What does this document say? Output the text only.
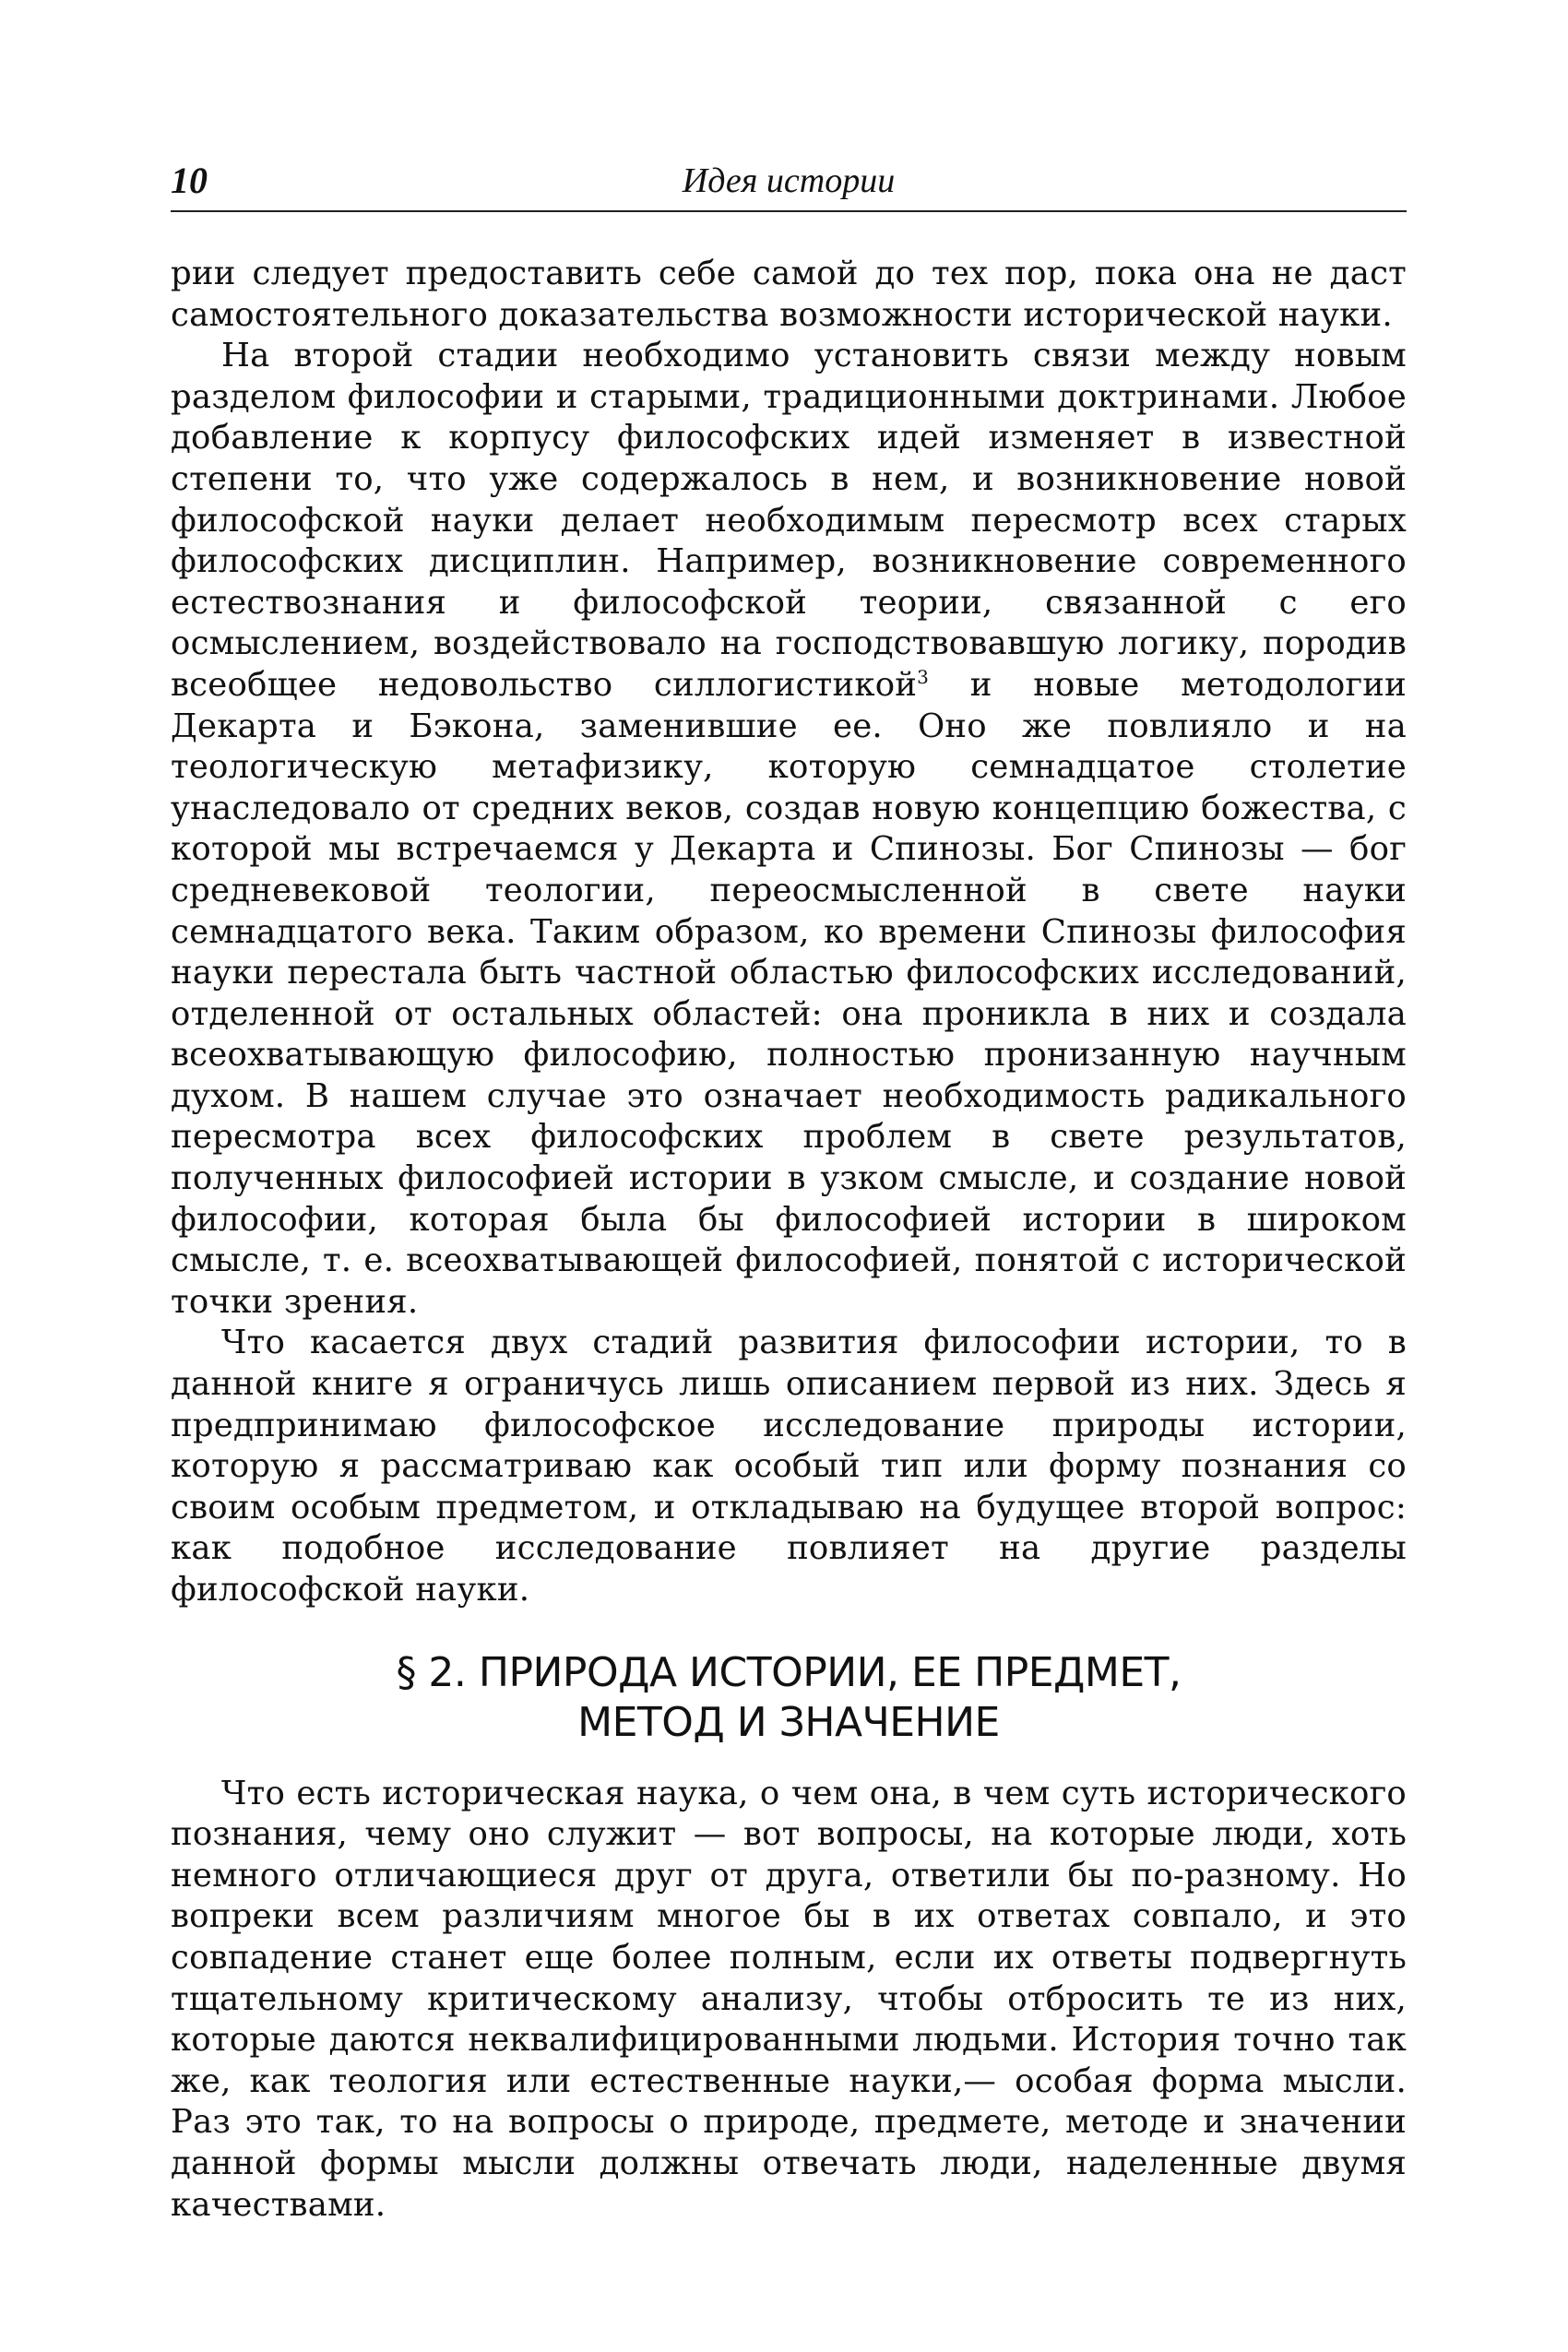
10	Идея истории

рии следует предоставить себе самой до тех пор, пока она не даст самостоятельного доказательства возможности исторической науки.

На второй стадии необходимо установить связи между новым разделом философии и старыми, традиционными доктринами. Любое добавление к корпусу философских идей изменяет в известной степени то, что уже содержалось в нем, и возникновение новой философской науки делает необходимым пересмотр всех старых философских дисциплин. Например, возникновение современного естествознания и философской теории, связанной с его осмыслением, воздействовало на господствовавшую логику, породив всеобщее недовольство силлогистикой$^3$ и новые методологии Декарта и Бэкона, заменившие ее. Оно же повлияло и на теологическую метафизику, которую семнадцатое столетие унаследовало от средних веков, создав новую концепцию божества, с которой мы встречаемся у Декарта и Спинозы. Бог Спинозы — бог средневековой теологии, переосмысленной в свете науки семнадцатого века. Таким образом, ко времени Спинозы философия науки перестала быть частной областью философских исследований, отделенной от остальных областей: она проникла в них и создала всеохватывающую философию, полностью пронизанную научным духом. В нашем случае это означает необходимость радикального пересмотра всех философских проблем в свете результатов, полученных философией истории в узком смысле, и создание новой философии, которая была бы философией истории в широком смысле, т. е. всеохватывающей философией, понятой с исторической точки зрения.

Что касается двух стадий развития философии истории, то в данной книге я ограничусь лишь описанием первой из них. Здесь я предпринимаю философское исследование природы истории, которую я рассматриваю как особый тип или форму познания со своим особым предметом, и откладываю на будущее второй вопрос: как подобное исследование повлияет на другие разделы философской науки.

§ 2. ПРИРОДА ИСТОРИИ, ЕЕ ПРЕДМЕТ,
МЕТОД И ЗНАЧЕНИЕ

Что есть историческая наука, о чем она, в чем суть исторического познания, чему оно служит — вот вопросы, на которые люди, хоть немного отличающиеся друг от друга, ответили бы по-разному. Но вопреки всем различиям многое бы в их ответах совпало, и это совпадение станет еще более полным, если их ответы подвергнуть тщательному критическому анализу, чтобы отбросить те из них, которые даются неквалифицированными людьми. История точно так же, как теология или естественные науки,— особая форма мысли. Раз это так, то на вопросы о природе, предмете, методе и значении данной формы мысли должны отвечать люди, наделенные двумя качествами.
